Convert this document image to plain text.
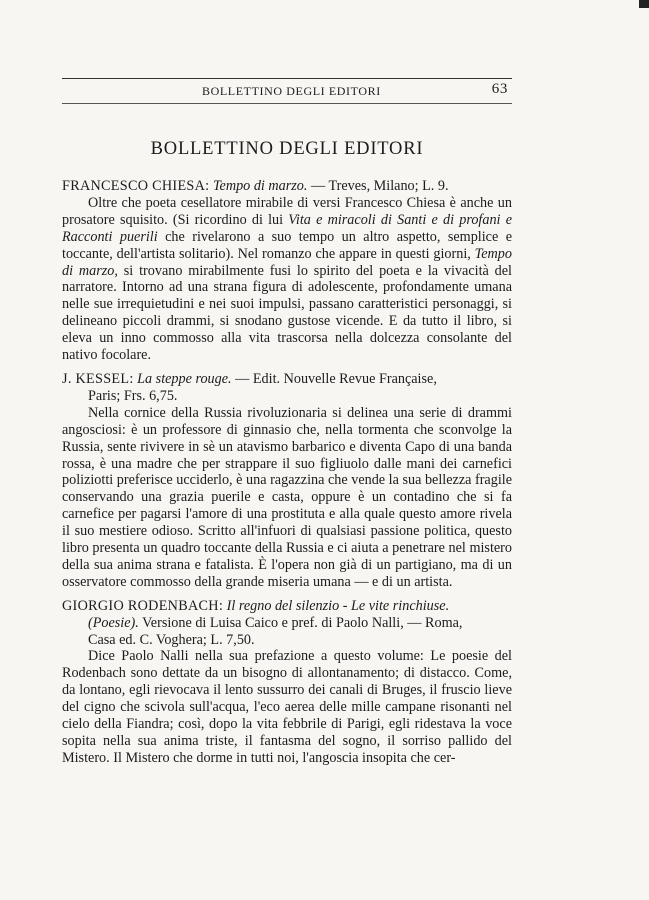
BOLLETTINO DEGLI EDITORI	63
BOLLETTINO DEGLI EDITORI
FRANCESCO CHIESA: Tempo di marzo. — Treves, Milano; L. 9.

Oltre che poeta cesellatore mirabile di versi Francesco Chiesa è anche un prosatore squisito. (Si ricordino di lui Vita e miracoli di Santi e di profani e Racconti puerili che rivelarono a suo tempo un altro aspetto, semplice e toccante, dell'artista solitario). Nel romanzo che appare in questi giorni, Tempo di marzo, si trovano mirabilmente fusi lo spirito del poeta e la vivacità del narratore. Intorno ad una strana figura di adolescente, profondamente umana nelle sue irrequietudini e nei suoi impulsi, passano caratteristici personaggi, si delineano piccoli drammi, si snodano gustose vicende. E da tutto il libro, si eleva un inno commosso alla vita trascorsa nella dolcezza consolante del nativo focolare.

J. KESSEL: La steppe rouge. — Edit. Nouvelle Revue Française,
Paris; Frs. 6,75.

Nella cornice della Russia rivoluzionaria si delinea una serie di drammi angosciosi: è un professore di ginnasio che, nella tormenta che sconvolge la Russia, sente rivivere in sè un atavismo barbarico e diventa Capo di una banda rossa, è una madre che per strappare il suo figliuolo dalle mani dei carnefici poliziotti preferisce ucciderlo, è una ragazzina che vende la sua bellezza fragile conservando una grazia puerile e casta, oppure è un contadino che si fa carnefice per pagarsi l'amore di una prostituta e alla quale questo amore rivela il suo mestiere odioso. Scritto all'infuori di qualsiasi passione politica, questo libro presenta un quadro toccante della Russia e ci aiuta a penetrare nel mistero della sua anima strana e fatalista. È l'opera non già di un partigiano, ma di un osservatore commosso della grande miseria umana — e di un artista.

GIORGIO RODENBACH: Il regno del silenzio - Le vite rinchiuse.
(Poesie). Versione di Luisa Caico e pref. di Paolo Nalli, — Roma,
Casa ed. C. Voghera; L. 7,50.

Dice Paolo Nalli nella sua prefazione a questo volume: Le poesie del Rodenbach sono dettate da un bisogno di allontanamento; di distacco. Come, da lontano, egli rievocava il lento sussurro dei canali di Bruges, il fruscio lieve del cigno che scivola sull'acqua, l'eco aerea delle mille campane risonanti nel cielo della Fiandra; così, dopo la vita febbrile di Parigi, egli ridestava la voce sopita nella sua anima triste, il fantasma del sogno, il sorriso pallido del Mistero. Il Mistero che dorme in tutti noi, l'angoscia insopita che cer-
